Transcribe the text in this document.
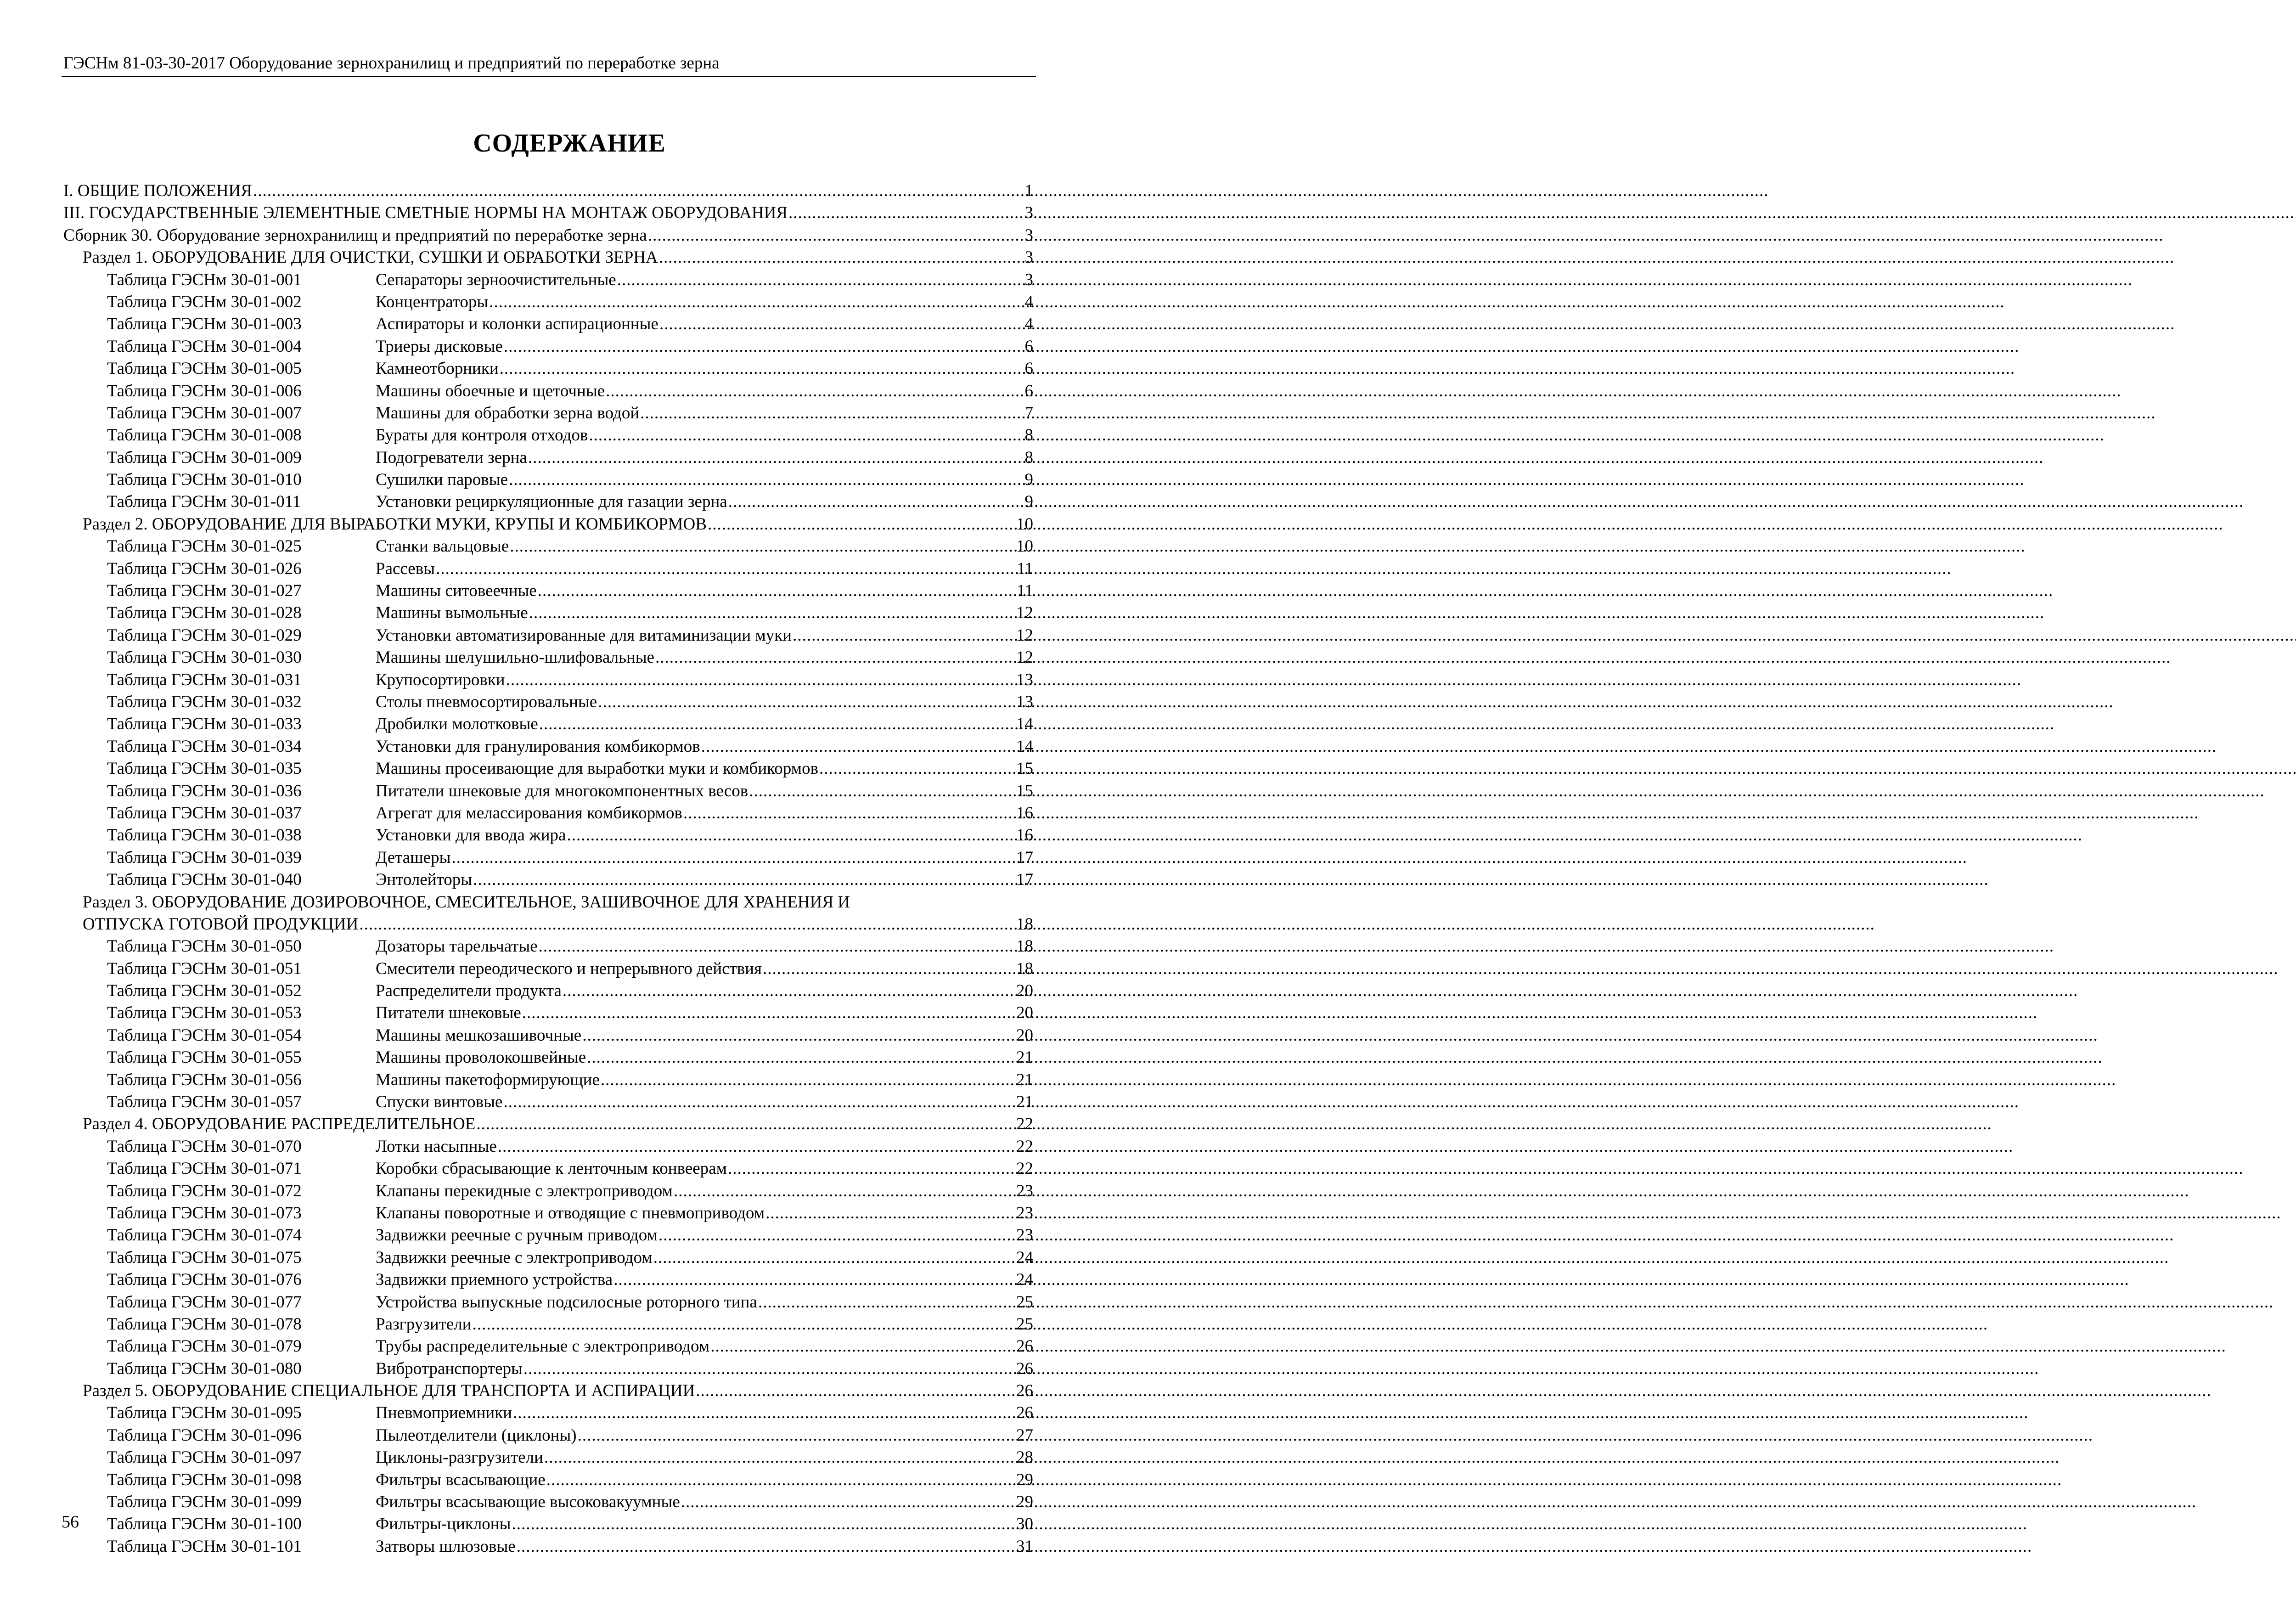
ГЭСНм 81-03-30-2017 Оборудование зернохранилищ и предприятий по переработке зерна
СОДЕРЖАНИЕ
I. ОБЩИЕ ПОЛОЖЕНИЯ .....	1
III. ГОСУДАРСТВЕННЫЕ ЭЛЕМЕНТНЫЕ СМЕТНЫЕ НОРМЫ НА МОНТАЖ ОБОРУДОВАНИЯ .....	3
Сборник 30. Оборудование зернохранилищ и предприятий по переработке зерна .....	3
Раздел 1. ОБОРУДОВАНИЕ ДЛЯ ОЧИСТКИ, СУШКИ И ОБРАБОТКИ ЗЕРНА .....	3
Таблица ГЭСНм 30-01-001	Сепараторы зерноочистительные .....	3
Таблица ГЭСНм 30-01-002	Концентраторы .....	4
Таблица ГЭСНм 30-01-003	Аспираторы и колонки аспирационные .....	4
Таблица ГЭСНм 30-01-004	Триеры дисковые .....	6
Таблица ГЭСНм 30-01-005	Камнеотборники .....	6
Таблица ГЭСНм 30-01-006	Машины обоечные и щеточные .....	6
Таблица ГЭСНм 30-01-007	Машины для обработки зерна водой .....	7
Таблица ГЭСНм 30-01-008	Бураты для контроля отходов .....	8
Таблица ГЭСНм 30-01-009	Подогреватели зерна .....	8
Таблица ГЭСНм 30-01-010	Сушилки паровые .....	9
Таблица ГЭСНм 30-01-011	Установки рециркуляционные для газации зерна .....	9
Раздел 2. ОБОРУДОВАНИЕ ДЛЯ ВЫРАБОТКИ МУКИ, КРУПЫ И КОМБИКОРМОВ .....	10
Таблица ГЭСНм 30-01-025	Станки вальцовые .....	10
Таблица ГЭСНм 30-01-026	Рассевы .....	11
Таблица ГЭСНм 30-01-027	Машины ситовеечные .....	11
Таблица ГЭСНм 30-01-028	Машины вымольные .....	12
Таблица ГЭСНм 30-01-029	Установки автоматизированные для витаминизации муки .....	12
Таблица ГЭСНм 30-01-030	Машины шелушильно-шлифовальные .....	12
Таблица ГЭСНм 30-01-031	Крупосортировки .....	13
Таблица ГЭСНм 30-01-032	Столы пневмосортировальные .....	13
Таблица ГЭСНм 30-01-033	Дробилки молотковые .....	14
Таблица ГЭСНм 30-01-034	Установки для гранулирования комбикормов .....	14
Таблица ГЭСНм 30-01-035	Машины просеивающие для выработки муки и комбикормов .....	15
Таблица ГЭСНм 30-01-036	Питатели шнековые для многокомпонентных весов .....	15
Таблица ГЭСНм 30-01-037	Агрегат для мелассирования комбикормов .....	16
Таблица ГЭСНм 30-01-038	Установки для ввода жира .....	16
Таблица ГЭСНм 30-01-039	Деташеры .....	17
Таблица ГЭСНм 30-01-040	Энтолейторы .....	17
Раздел 3. ОБОРУДОВАНИЕ ДОЗИРОВОЧНОЕ, СМЕСИТЕЛЬНОЕ, ЗАШИВОЧНОЕ ДЛЯ ХРАНЕНИЯ И
ОТПУСКА ГОТОВОЙ ПРОДУКЦИИ .....	18
Таблица ГЭСНм 30-01-050	Дозаторы тарельчатые .....	18
Таблица ГЭСНм 30-01-051	Смесители переодического и непрерывного действия .....	18
Таблица ГЭСНм 30-01-052	Распределители продукта .....	20
Таблица ГЭСНм 30-01-053	Питатели шнековые .....	20
Таблица ГЭСНм 30-01-054	Машины мешкозашивочные .....	20
Таблица ГЭСНм 30-01-055	Машины проволокошвейные .....	21
Таблица ГЭСНм 30-01-056	Машины пакетоформирующие .....	21
Таблица ГЭСНм 30-01-057	Спуски винтовые .....	21
Раздел 4. ОБОРУДОВАНИЕ РАСПРЕДЕЛИТЕЛЬНОЕ .....	22
Таблица ГЭСНм 30-01-070	Лотки насыпные .....	22
Таблица ГЭСНм 30-01-071	Коробки сбрасывающие к ленточным конвеерам .....	22
Таблица ГЭСНм 30-01-072	Клапаны перекидные с электроприводом .....	23
Таблица ГЭСНм 30-01-073	Клапаны поворотные и отводящие с пневмоприводом .....	23
Таблица ГЭСНм 30-01-074	Задвижки реечные с ручным приводом .....	23
Таблица ГЭСНм 30-01-075	Задвижки реечные с электроприводом .....	24
Таблица ГЭСНм 30-01-076	Задвижки приемного устройства .....	24
Таблица ГЭСНм 30-01-077	Устройства выпускные подсилосные роторного типа .....	25
Таблица ГЭСНм 30-01-078	Разгрузители .....	25
Таблица ГЭСНм 30-01-079	Трубы распределительные с электроприводом .....	26
Таблица ГЭСНм 30-01-080	Вибротранспортеры .....	26
Раздел 5. ОБОРУДОВАНИЕ СПЕЦИАЛЬНОЕ ДЛЯ ТРАНСПОРТА И АСПИРАЦИИ .....	26
Таблица ГЭСНм 30-01-095	Пневмоприемники .....	26
Таблица ГЭСНм 30-01-096	Пылеотделители (циклоны) .....	27
Таблица ГЭСНм 30-01-097	Циклоны-разгрузители .....	28
Таблица ГЭСНм 30-01-098	Фильтры всасывающие .....	29
Таблица ГЭСНм 30-01-099	Фильтры всасывающие высоковакуумные .....	29
Таблица ГЭСНм 30-01-100	Фильтры-циклоны .....	30
Таблица ГЭСНм 30-01-101	Затворы шлюзовые .....	31
56
